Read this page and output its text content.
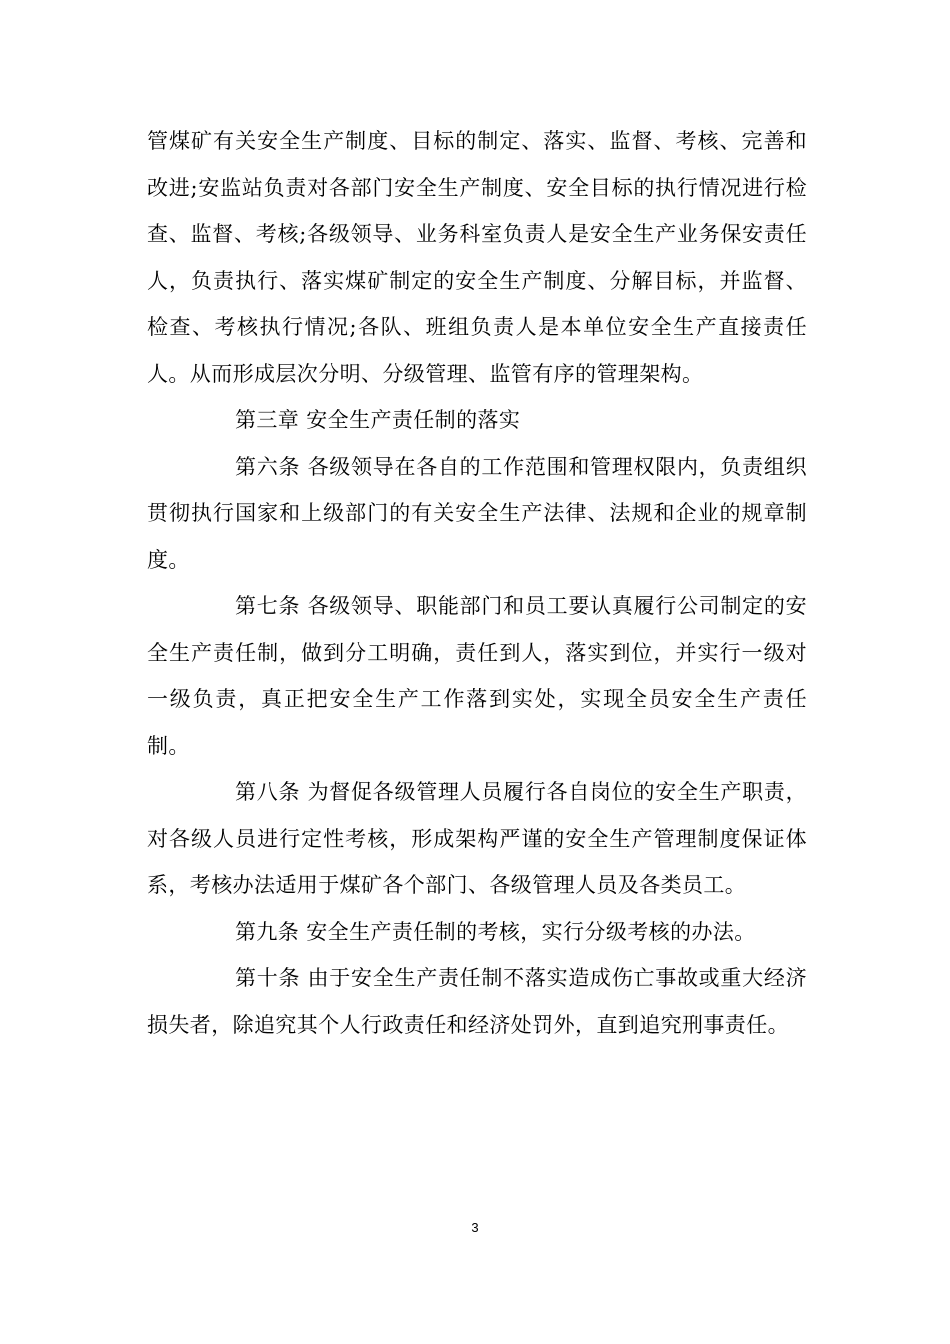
管煤矿有关安全生产制度、目标的制定、落实、监督、考核、完善和改进;安监站负责对各部门安全生产制度、安全目标的执行情况进行检查、监督、考核;各级领导、业务科室负责人是安全生产业务保安责任人，负责执行、落实煤矿制定的安全生产制度、分解目标，并监督、检查、考核执行情况;各队、班组负责人是本单位安全生产直接责任人。从而形成层次分明、分级管理、监管有序的管理架构。

第三章 安全生产责任制的落实

第六条 各级领导在各自的工作范围和管理权限内，负责组织贯彻执行国家和上级部门的有关安全生产法律、法规和企业的规章制度。

第七条 各级领导、职能部门和员工要认真履行公司制定的安全生产责任制，做到分工明确，责任到人，落实到位，并实行一级对一级负责，真正把安全生产工作落到实处，实现全员安全生产责任制。

第八条 为督促各级管理人员履行各自岗位的安全生产职责，对各级人员进行定性考核，形成架构严谨的安全生产管理制度保证体系，考核办法适用于煤矿各个部门、各级管理人员及各类员工。

第九条 安全生产责任制的考核，实行分级考核的办法。

第十条 由于安全生产责任制不落实造成伤亡事故或重大经济损失者，除追究其个人行政责任和经济处罚外，直到追究刑事责任。

3
